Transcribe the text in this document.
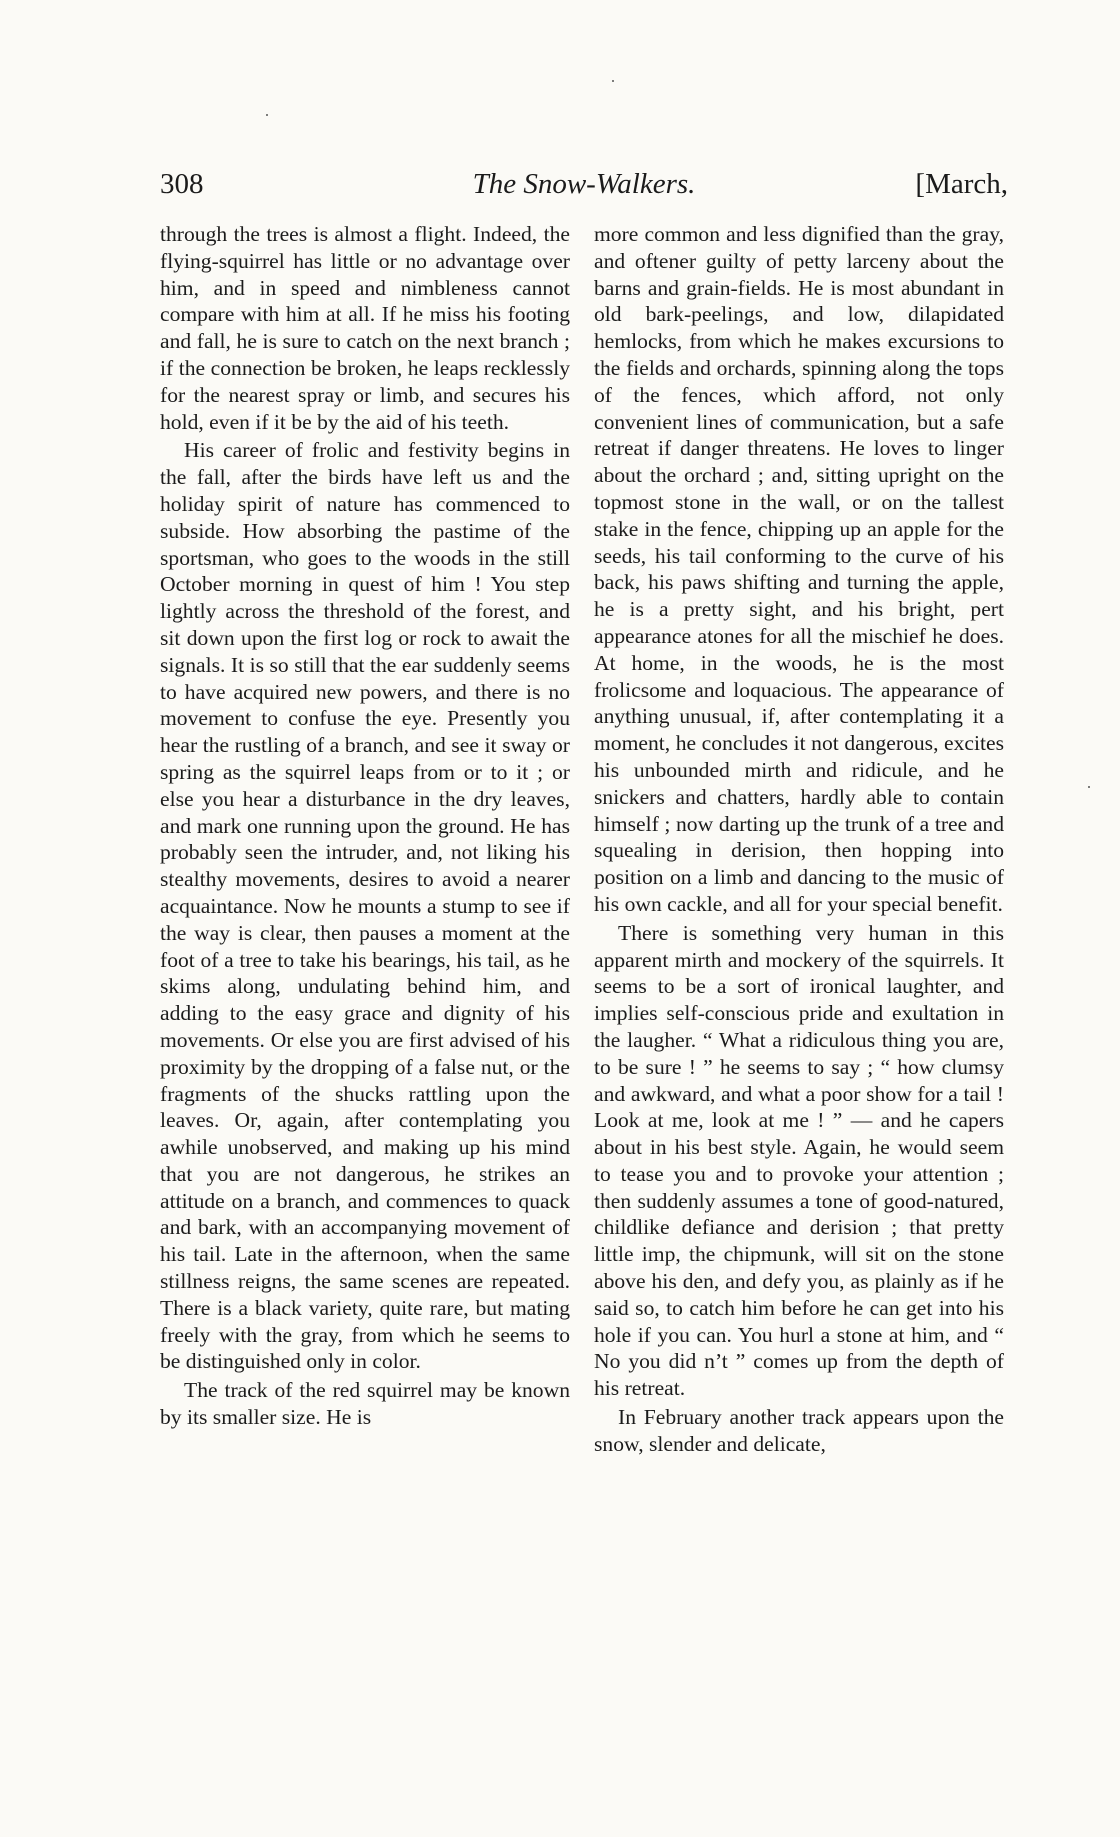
308	The Snow-Walkers.	[March,

through the trees is almost a flight. Indeed, the flying-squirrel has little or no advantage over him, and in speed and nimbleness cannot compare with him at all. If he miss his footing and fall, he is sure to catch on the next branch ; if the connection be broken, he leaps recklessly for the nearest spray or limb, and secures his hold, even if it be by the aid of his teeth.

His career of frolic and festivity begins in the fall, after the birds have left us and the holiday spirit of nature has commenced to subside. How absorbing the pastime of the sportsman, who goes to the woods in the still October morning in quest of him ! You step lightly across the threshold of the forest, and sit down upon the first log or rock to await the signals. It is so still that the ear suddenly seems to have acquired new powers, and there is no movement to confuse the eye. Presently you hear the rustling of a branch, and see it sway or spring as the squirrel leaps from or to it ; or else you hear a disturbance in the dry leaves, and mark one running upon the ground. He has probably seen the intruder, and, not liking his stealthy movements, desires to avoid a nearer acquaintance. Now he mounts a stump to see if the way is clear, then pauses a moment at the foot of a tree to take his bearings, his tail, as he skims along, undulating behind him, and adding to the easy grace and dignity of his movements. Or else you are first advised of his proximity by the dropping of a false nut, or the fragments of the shucks rattling upon the leaves. Or, again, after contemplating you awhile unobserved, and making up his mind that you are not dangerous, he strikes an attitude on a branch, and commences to quack and bark, with an accompanying movement of his tail. Late in the afternoon, when the same stillness reigns, the same scenes are repeated. There is a black variety, quite rare, but mating freely with the gray, from which he seems to be distinguished only in color.

The track of the red squirrel may be known by its smaller size. He is

more common and less dignified than the gray, and oftener guilty of petty larceny about the barns and grain-fields. He is most abundant in old bark-peelings, and low, dilapidated hemlocks, from which he makes excursions to the fields and orchards, spinning along the tops of the fences, which afford, not only convenient lines of communication, but a safe retreat if danger threatens. He loves to linger about the orchard ; and, sitting upright on the topmost stone in the wall, or on the tallest stake in the fence, chipping up an apple for the seeds, his tail conforming to the curve of his back, his paws shifting and turning the apple, he is a pretty sight, and his bright, pert appearance atones for all the mischief he does. At home, in the woods, he is the most frolicsome and loquacious. The appearance of anything unusual, if, after contemplating it a moment, he concludes it not dangerous, excites his unbounded mirth and ridicule, and he snickers and chatters, hardly able to contain himself ; now darting up the trunk of a tree and squealing in derision, then hopping into position on a limb and dancing to the music of his own cackle, and all for your special benefit.

There is something very human in this apparent mirth and mockery of the squirrels. It seems to be a sort of ironical laughter, and implies self-conscious pride and exultation in the laugher. “ What a ridiculous thing you are, to be sure ! ” he seems to say ; “ how clumsy and awkward, and what a poor show for a tail ! Look at me, look at me ! ” — and he capers about in his best style. Again, he would seem to tease you and to provoke your attention ; then suddenly assumes a tone of good-natured, childlike defiance and derision ; that pretty little imp, the chipmunk, will sit on the stone above his den, and defy you, as plainly as if he said so, to catch him before he can get into his hole if you can. You hurl a stone at him, and “ No you did n’t ” comes up from the depth of his retreat.

In February another track appears upon the snow, slender and delicate,
